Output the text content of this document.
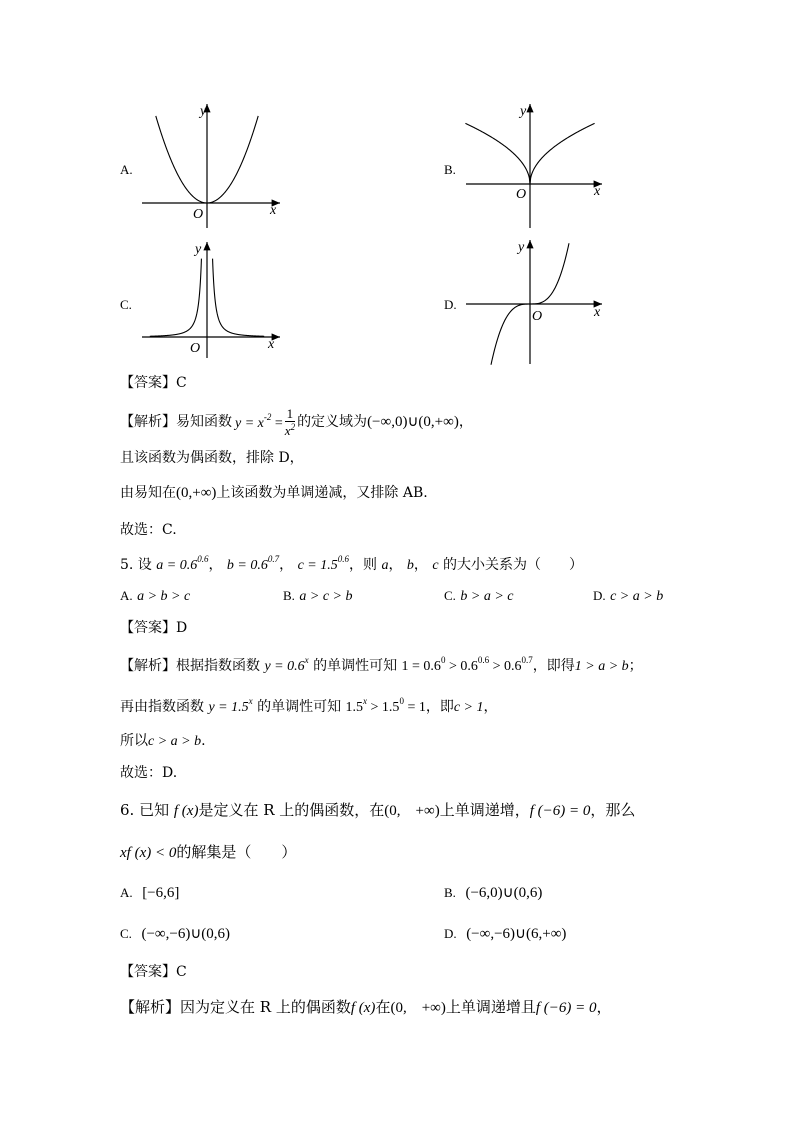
A.
y
x
O
B.
y
x
O
C.
y
x
O
D.
y
x
O
【答案】C
【解析】 易知函数 $y = x^{-2} = \frac{1}{x^2}$ 的定义域为 (−∞,0)∪(0,+∞) ，
且该函数为偶函数，排除 D，
由易知在(0,+∞)上该函数为单调递减，又排除 AB.
故选：C.
5. 设 $a = 0.6^{0.6}$， $b = 0.6^{0.7}$， $c = 1.5^{0.6}$，则 a， b， c 的大小关系为（　　）
A. a > b > c	B. a > c > b	C. b > a > c	D. c > a > b
【答案】D
【解析】根据指数函数 $y = 0.6^x$ 的单调性可知 $1 = 0.6^0 > 0.6^{0.6} > 0.6^{0.7}$，即得1 > a > b；
再由指数函数 $y = 1.5^x$ 的单调性可知 $1.5^x > 1.5^0 = 1$，即c > 1，
所以c > a > b.
故选：D.
6. 已知 f (x)是定义在 R 上的偶函数，在(0,　+∞)上单调递增，f (−6) = 0，那么
xf (x) < 0的解集是（　　）
A. [−6,6]	B. (−6,0)∪(0,6)
C. (−∞,−6)∪(0,6)	D. (−∞,−6)∪(6,+∞)
【答案】C
【解析】因为定义在 R 上的偶函数f (x)在(0,　+∞)上单调递增且f (−6) = 0，
